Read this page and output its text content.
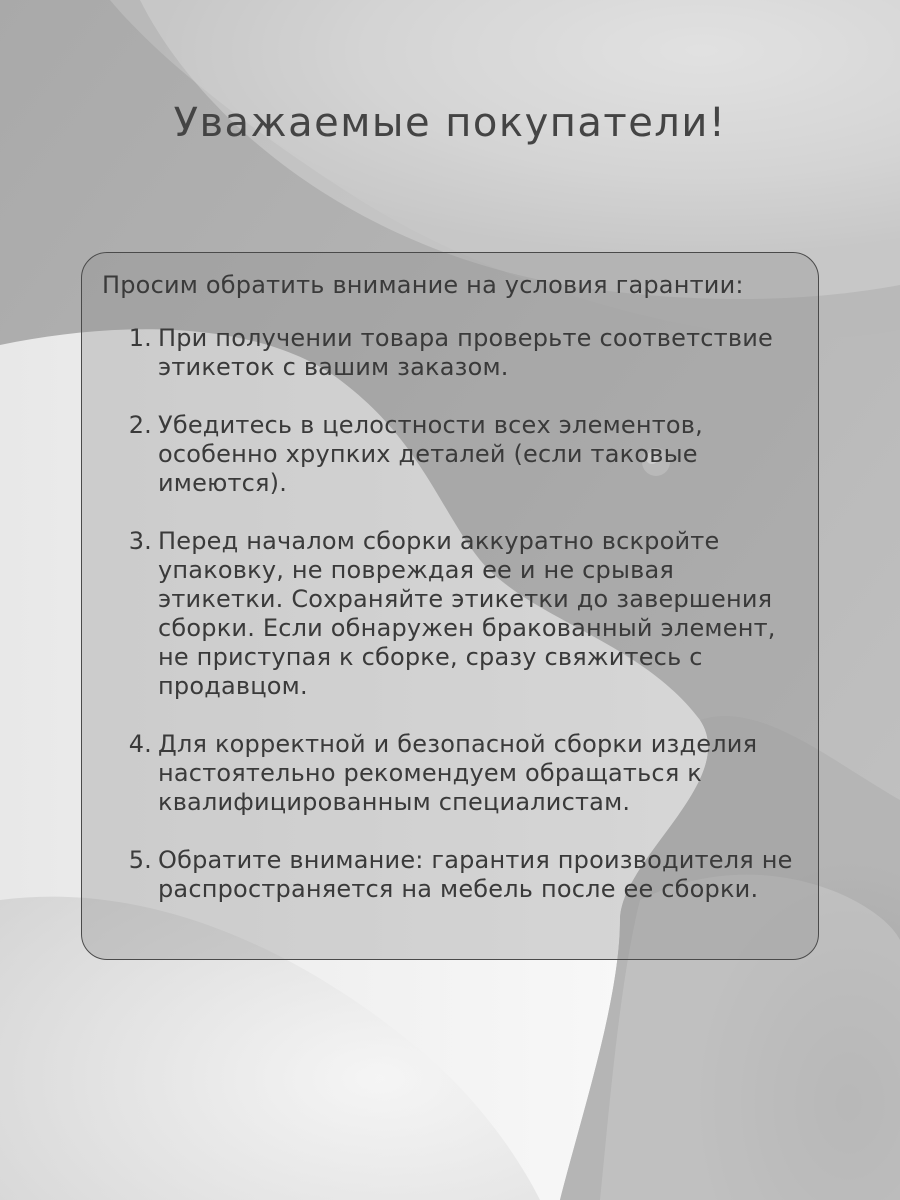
Уважаемые покупатели!

Просим обратить внимание на условия гарантии:

1. При получении товара проверьте соответствие этикеток с вашим заказом.
2. Убедитесь в целостности всех элементов, особенно хрупких деталей (если таковые имеются).
3. Перед началом сборки аккуратно вскройте упаковку, не повреждая ее и не срывая этикетки. Сохраняйте этикетки до завершения сборки. Если обнаружен бракованный элемент, не приступая к сборке, сразу свяжитесь с продавцом.
4. Для корректной и безопасной сборки изделия настоятельно рекомендуем обращаться к квалифицированным специалистам.
5. Обратите внимание: гарантия производителя не распространяется на мебель после ее сборки.
